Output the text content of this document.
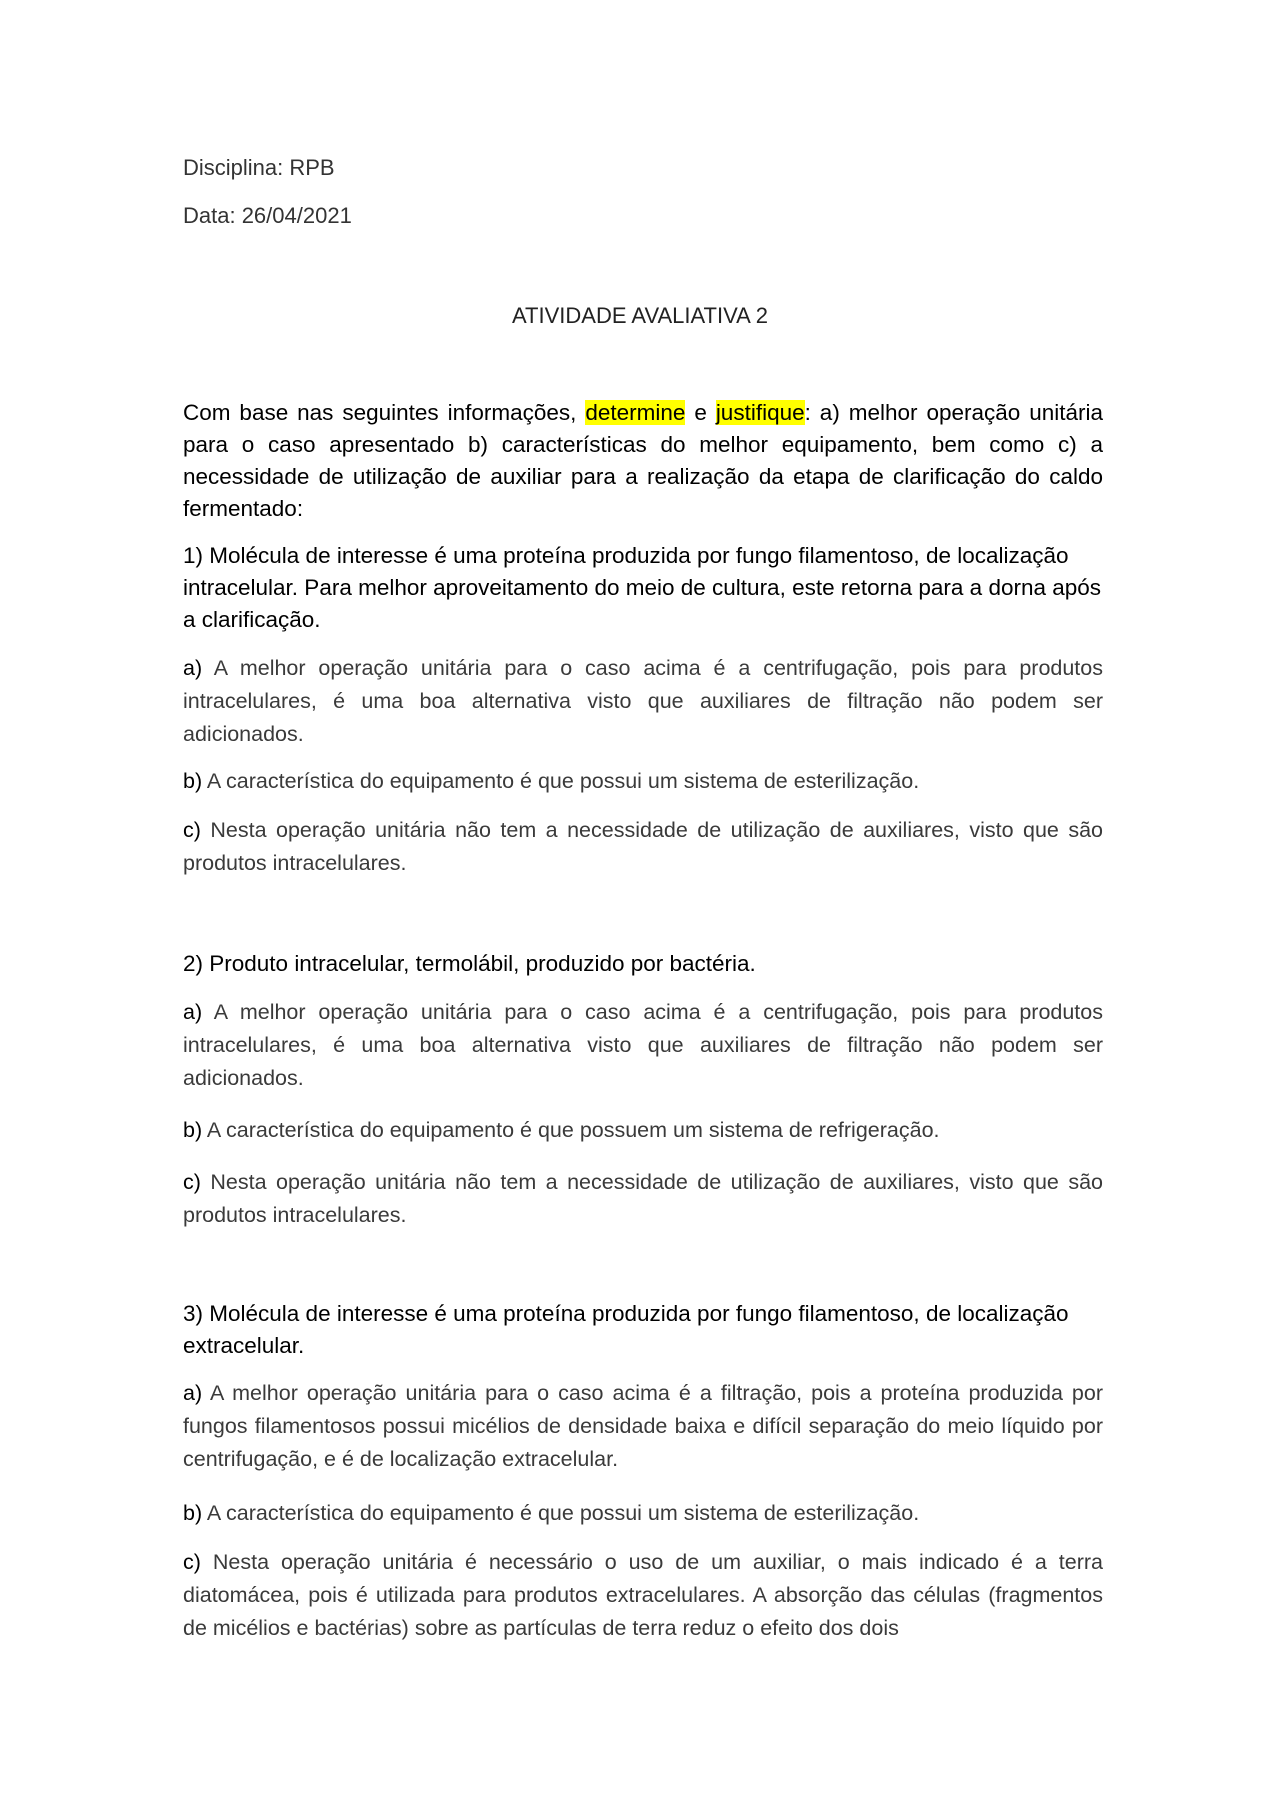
Disciplina: RPB
Data: 26/04/2021
ATIVIDADE AVALIATIVA 2
Com base nas seguintes informações, determine e justifique: a) melhor operação unitária para o caso apresentado b) características do melhor equipamento, bem como c) a necessidade de utilização de auxiliar para a realização da etapa de clarificação do caldo fermentado:
1) Molécula de interesse é uma proteína produzida por fungo filamentoso, de localização intracelular. Para melhor aproveitamento do meio de cultura, este retorna para a dorna após a clarificação.
a) A melhor operação unitária para o caso acima é a centrifugação, pois para produtos intracelulares, é uma boa alternativa visto que auxiliares de filtração não podem ser adicionados.
b) A característica do equipamento é que possui um sistema de esterilização.
c) Nesta operação unitária não tem a necessidade de utilização de auxiliares, visto que são produtos intracelulares.
2) Produto intracelular, termolábil, produzido por bactéria.
a) A melhor operação unitária para o caso acima é a centrifugação, pois para produtos intracelulares, é uma boa alternativa visto que auxiliares de filtração não podem ser adicionados.
b) A característica do equipamento é que possuem um sistema de refrigeração.
c) Nesta operação unitária não tem a necessidade de utilização de auxiliares, visto que são produtos intracelulares.
3) Molécula de interesse é uma proteína produzida por fungo filamentoso, de localização extracelular.
a) A melhor operação unitária para o caso acima é a filtração, pois a proteína produzida por fungos filamentosos possui micélios de densidade baixa e difícil separação do meio líquido por centrifugação, e é de localização extracelular.
b) A característica do equipamento é que possui um sistema de esterilização.
c) Nesta operação unitária é necessário o uso de um auxiliar, o mais indicado é a terra diatomácea, pois é utilizada para produtos extracelulares. A absorção das células (fragmentos de micélios e bactérias) sobre as partículas de terra reduz o efeito dos dois
